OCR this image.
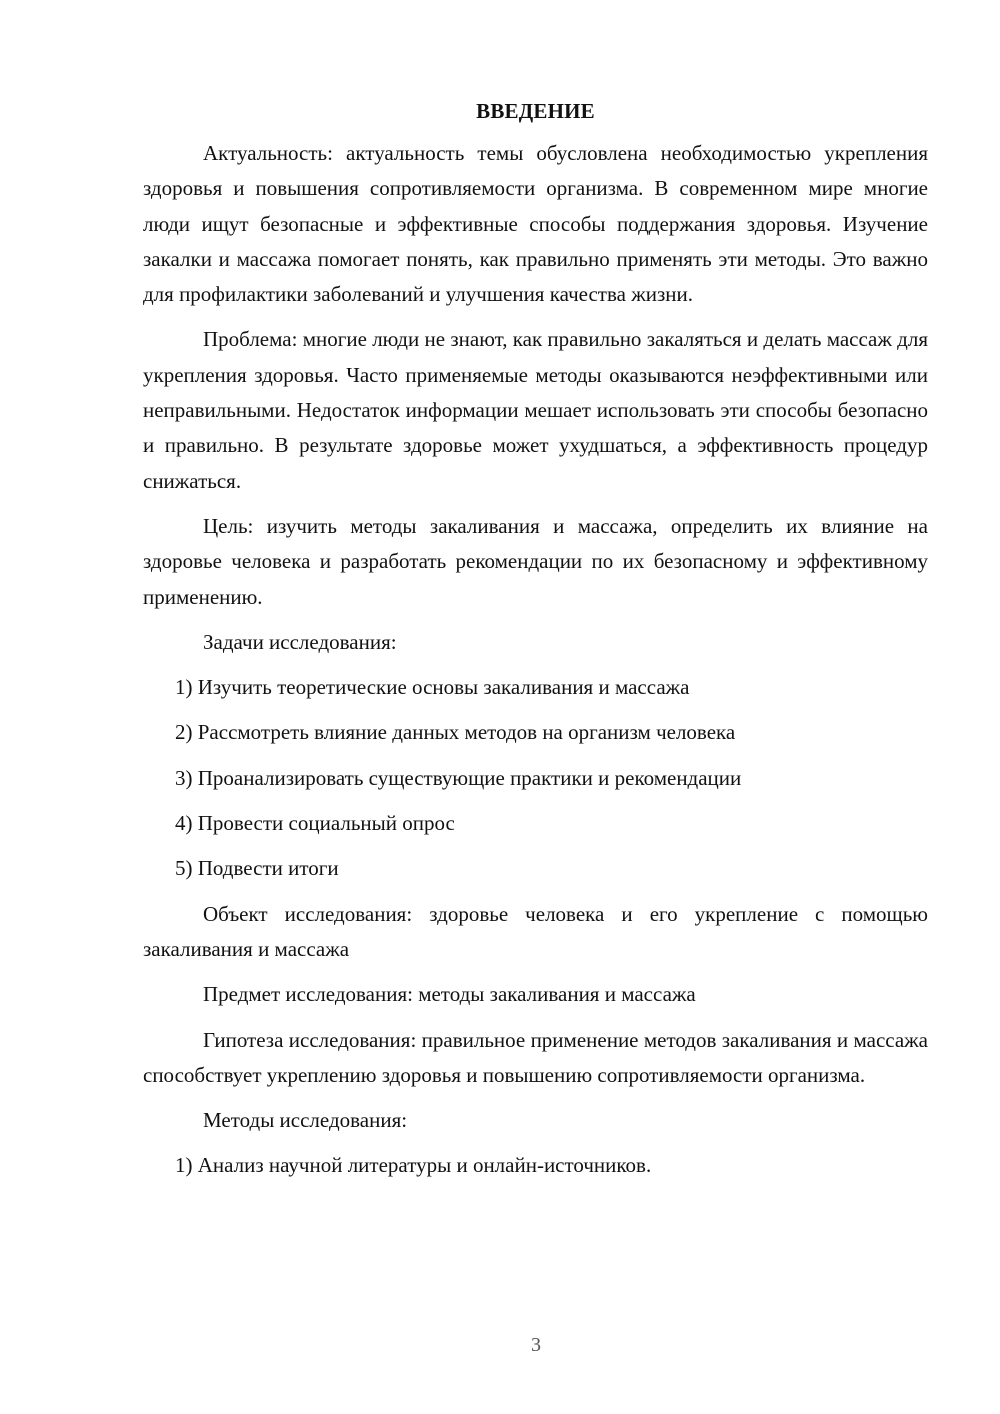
ВВЕДЕНИЕ

Актуальность: актуальность темы обусловлена необходимостью укрепления здоровья и повышения сопротивляемости организма. В современном мире многие люди ищут безопасные и эффективные способы поддержания здоровья. Изучение закалки и массажа помогает понять, как правильно применять эти методы. Это важно для профилактики заболеваний и улучшения качества жизни.

Проблема: многие люди не знают, как правильно закаляться и делать массаж для укрепления здоровья. Часто применяемые методы оказываются неэффективными или неправильными. Недостаток информации мешает использовать эти способы безопасно и правильно. В результате здоровье может ухудшаться, а эффективность процедур снижаться.

Цель: изучить методы закаливания и массажа, определить их влияние на здоровье человека и разработать рекомендации по их безопасному и эффективному применению.

Задачи исследования:

1) Изучить теоретические основы закаливания и массажа

2) Рассмотреть влияние данных методов на организм человека

3) Проанализировать существующие практики и рекомендации

4) Провести социальный опрос

5) Подвести итоги

Объект исследования: здоровье человека и его укрепление с помощью закаливания и массажа

Предмет исследования: методы закаливания и массажа

Гипотеза исследования: правильное применение методов закаливания и массажа способствует укреплению здоровья и повышению сопротивляемости организма.

Методы исследования:

1) Анализ научной литературы и онлайн-источников.

3
